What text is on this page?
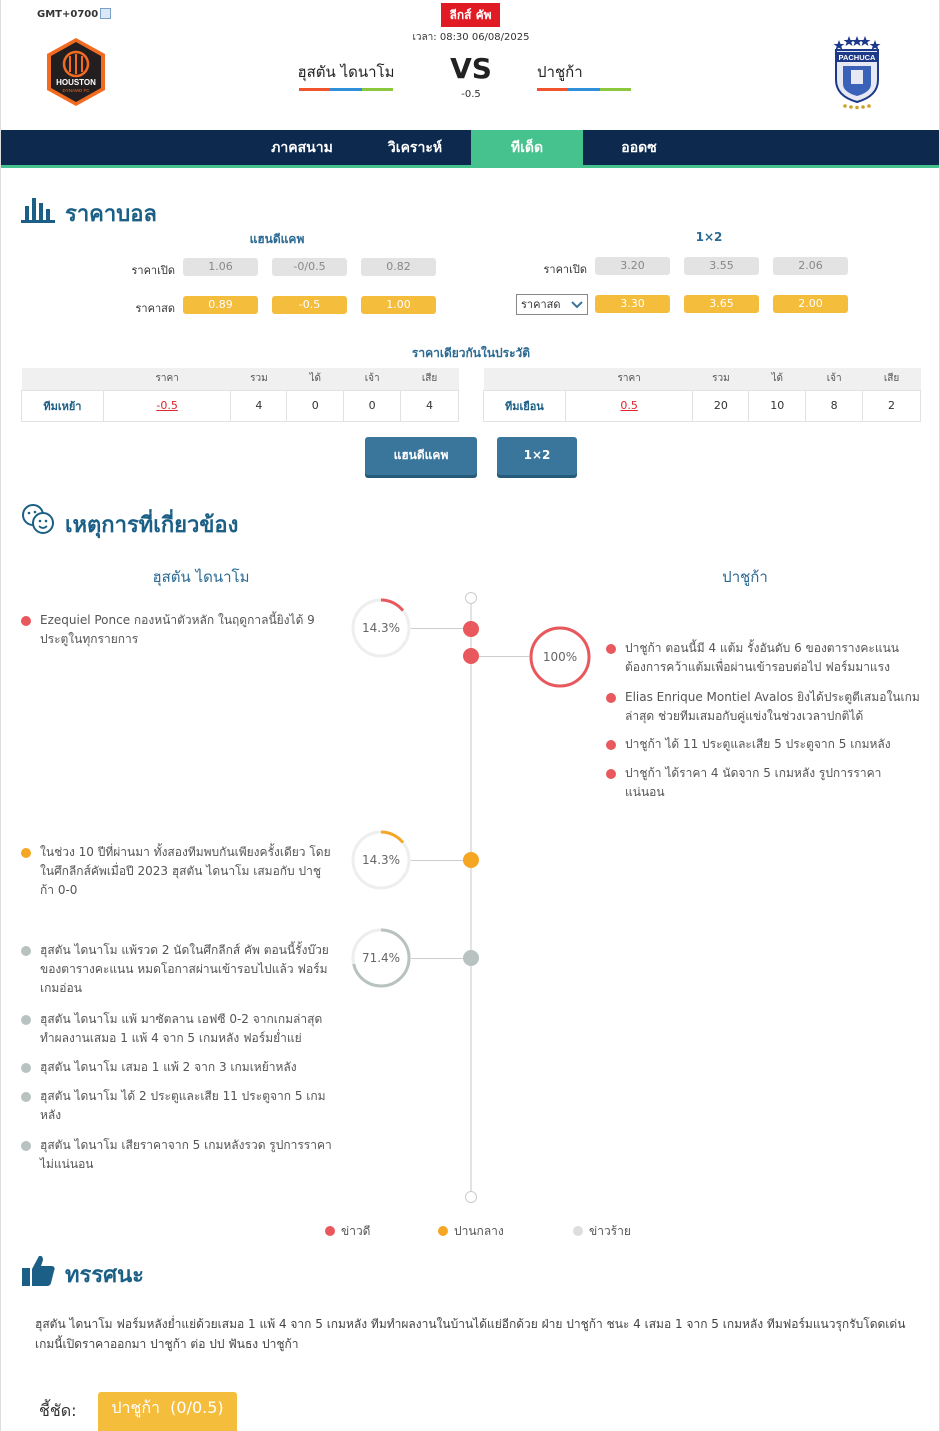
GMT+0700	ลีกส์ คัพ
เวลา: 08:30 06/08/2025
HOUSTON
DYNAMO FC
ฮุสตัน ไดนาโม	VS
-0.5
ปาชูก้า
PACHUCA
ภาคสนาม	วิเคราะห์	ทีเด็ด	ออดซ
ราคาบอล
แฮนดีแคพ	1×2
ราคาเปิด	1.06	-0/0.5	0.82
ราคาสด	0.89	-0.5	1.00
ราคาเปิด	3.20	3.55	2.06
ราคาสด	3.30	3.65	2.00
ราคาเดียวกันในประวัติ
	ราคา	รวม	ได้	เจ้า	เสีย
ทีมเหย้า	-0.5	4	0	0	4
	ราคา	รวม	ได้	เจ้า	เสีย
ทีมเยือน	0.5	20	10	8	2
แฮนดีแคพ	1×2
เหตุการที่เกี่ยวข้อง
ฮุสตัน ไดนาโม	ปาชูก้า
14.3%
100%
14.3%
71.4%
Ezequiel Ponce กองหน้าตัวหลัก ในฤดูกาลนี้ยิงได้ 9 ประตูในทุกรายการ
ปาชูก้า ตอนนี้มี 4 แต้ม รั้งอันดับ 6 ของตารางคะแนน ต้องการคว้าแต้มเพื่อผ่านเข้ารอบต่อไป ฟอร์มมาแรง
Elias Enrique Montiel Avalos ยิงได้ประตูตีเสมอในเกมล่าสุด ช่วยทีมเสมอกับคู่แข่งในช่วงเวลาปกติได้
ปาชูก้า ได้ 11 ประตูและเสีย 5 ประตูจาก 5 เกมหลัง
ปาชูก้า ได้ราคา 4 นัดจาก 5 เกมหลัง รูปการราคาแน่นอน
ในช่วง 10 ปีที่ผ่านมา ทั้งสองทีมพบกันเพียงครั้งเดียว โดยในศึกลีกส์คัพเมื่อปี 2023 ฮุสตัน ไดนาโม เสมอกับ ปาชูก้า 0-0
ฮุสตัน ไดนาโม แพ้รวด 2 นัดในศึกลีกส์ คัพ ตอนนี้รั้งบ๊วยของตารางคะแนน หมดโอกาสผ่านเข้ารอบไปแล้ว ฟอร์มเกมอ่อน
ฮุสตัน ไดนาโม แพ้ มาซัตลาน เอฟซี 0-2 จากเกมล่าสุด ทำผลงานเสมอ 1 แพ้ 4 จาก 5 เกมหลัง ฟอร์มย่ำแย่
ฮุสตัน ไดนาโม เสมอ 1 แพ้ 2 จาก 3 เกมเหย้าหลัง
ฮุสตัน ไดนาโม ได้ 2 ประตูและเสีย 11 ประตูจาก 5 เกมหลัง
ฮุสตัน ไดนาโม เสียราคาจาก 5 เกมหลังรวด รูปการราคาไม่แน่นอน
ข่าวดี	ปานกลาง	ข่าวร้าย
ทรรศนะ
ฮุสตัน ไดนาโม ฟอร์มหลังย่ำแย่ด้วยเสมอ 1 แพ้ 4 จาก 5 เกมหลัง ทีมทำผลงานในบ้านได้แย่อีกด้วย ฝ่าย ปาชูก้า ชนะ 4 เสมอ 1 จาก 5 เกมหลัง ทีมฟอร์มแนวรุกรับโดดเด่น เกมนี้เปิดราคาออกมา ปาชูก้า ต่อ ปป ฟันธง ปาชูก้า
ชี้ชัด:	ปาชูก้า  (0/0.5)
